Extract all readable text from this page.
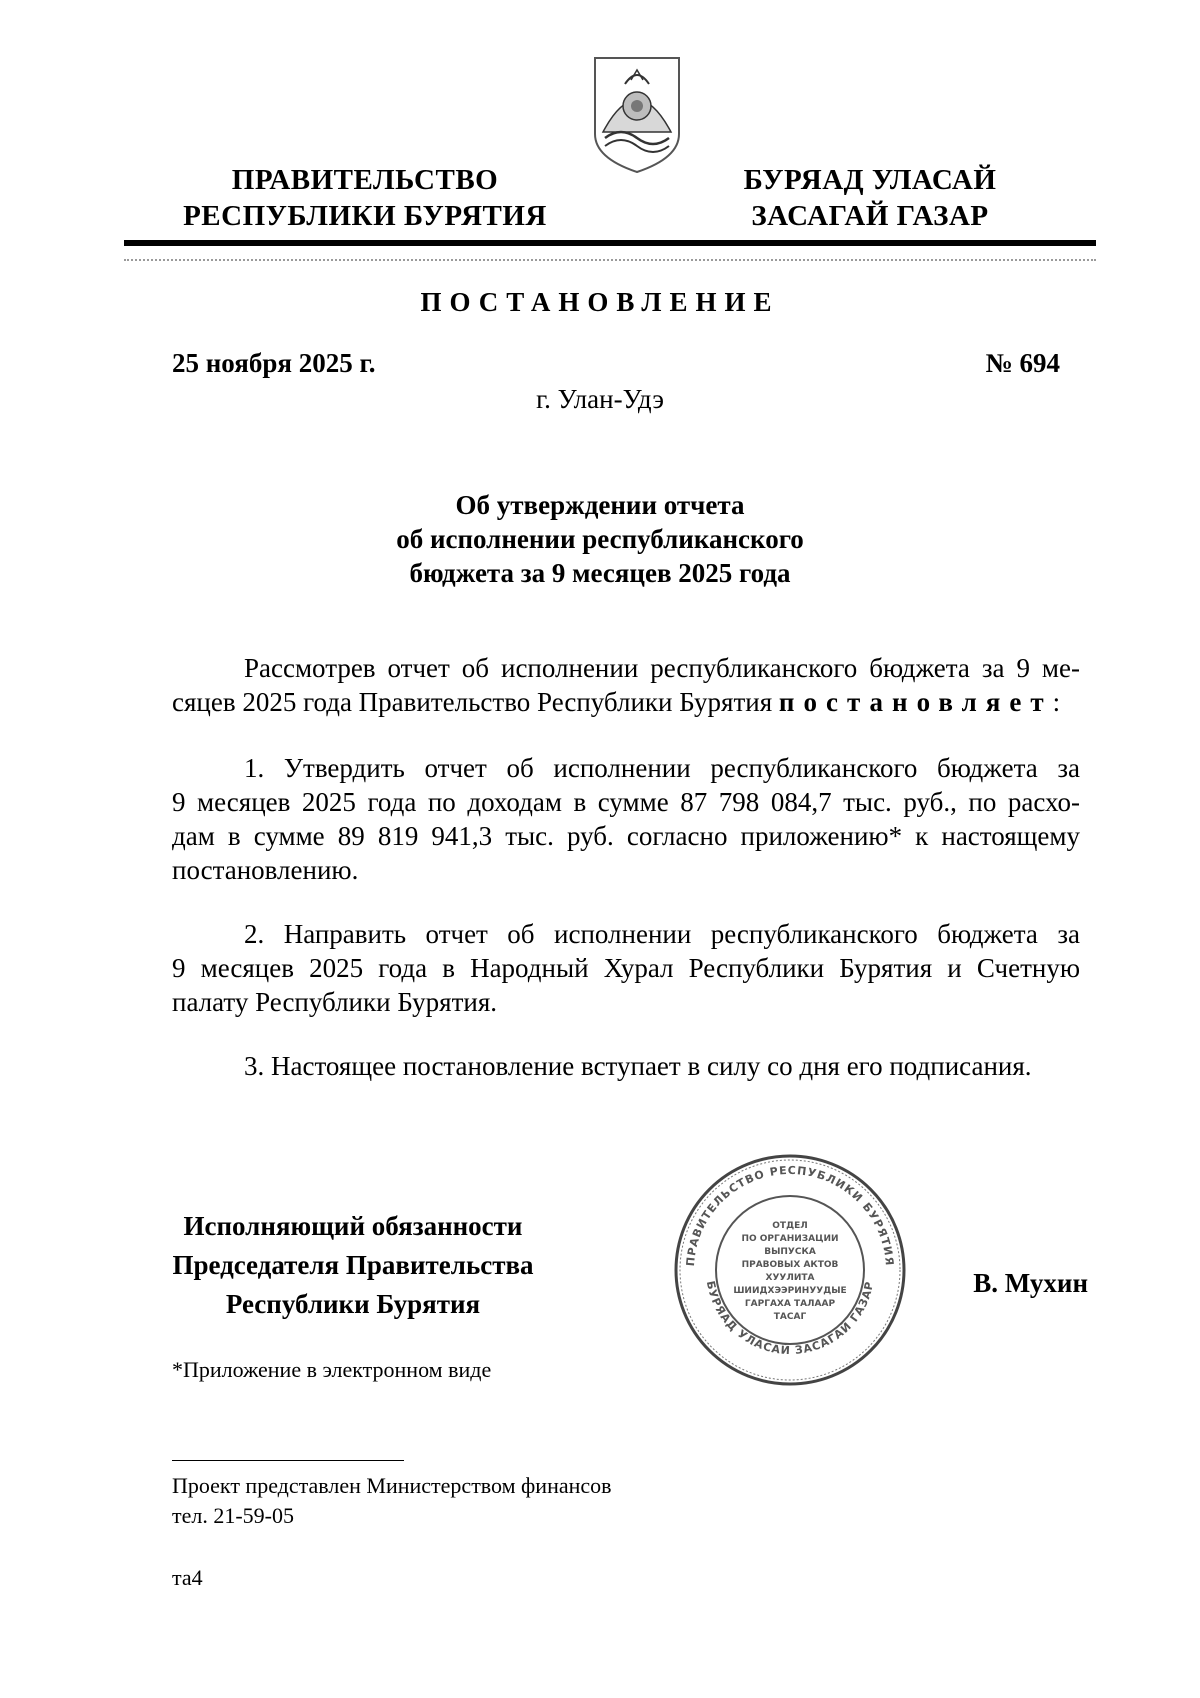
ПРАВИТЕЛЬСТВО
РЕСПУБЛИКИ БУРЯТИЯ
БУРЯАД УЛАСАЙ
ЗАСАГАЙ ГАЗАР
ПОСТАНОВЛЕНИЕ
25 ноября 2025 г.	№ 694
г. Улан-Удэ
Об утверждении отчета
об исполнении республиканского
бюджета за 9 месяцев 2025 года
Рассмотрев отчет об исполнении республиканского бюджета за 9 ме-
сяцев 2025 года Правительство Республики Бурятия постановляет:
1. Утвердить отчет об исполнении республиканского бюджета за
9 месяцев 2025 года по доходам в сумме 87 798 084,7 тыс. руб., по расхо-
дам в сумме 89 819 941,3 тыс. руб. согласно приложению* к настоящему
постановлению.
2. Направить отчет об исполнении республиканского бюджета за
9 месяцев 2025 года в Народный Хурал Республики Бурятия и Счетную
палату Республики Бурятия.
3. Настоящее постановление вступает в силу со дня его подписания.
Исполняющий обязанности
Председателя Правительства
Республики Бурятия
ПРАВИТЕЛЬСТВО РЕСПУБЛИКИ БУРЯТИЯ
БУРЯАД УЛАСАЙ ЗАСАГАЙ ГАЗАР
ОТДЕЛ
ПО ОРГАНИЗАЦИИ
ВЫПУСКА
ПРАВОВЫХ АКТОВ
ХУУЛИТА
ШИИДХЭЭРИНУУДЫЕ
ГАРГАХА ТАЛААР
ТАСАГ
В. Мухин
*Приложение в электронном виде
Проект представлен Министерством финансов
тел. 21-59-05
та4
